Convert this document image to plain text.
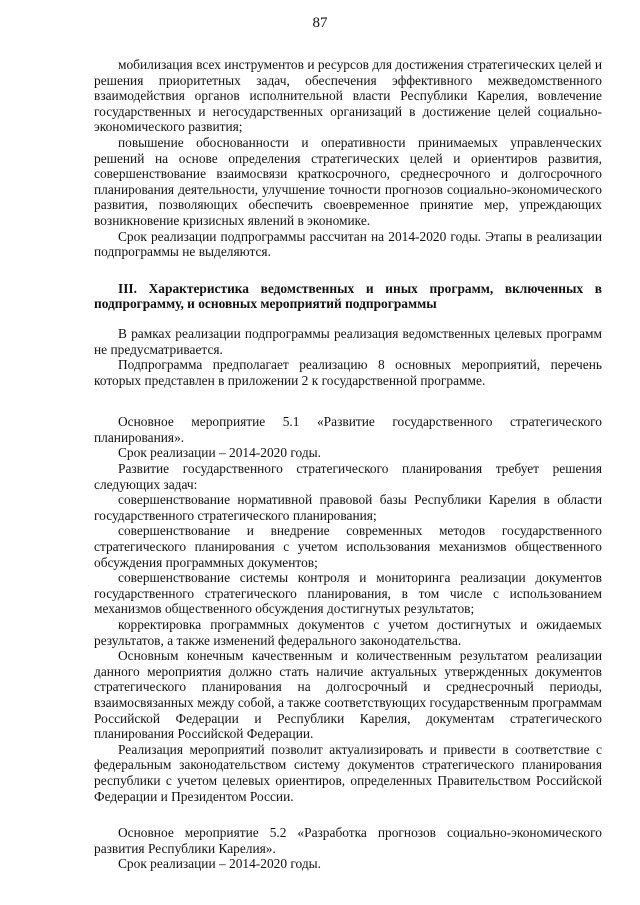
87

мобилизация всех инструментов и ресурсов для достижения стратегических целей и решения приоритетных задач, обеспечения эффективного межведомственного взаимодействия органов исполнительной власти Республики Карелия, вовлечение государственных и негосударственных организаций в достижение целей социально-экономического развития;

повышение обоснованности и оперативности принимаемых управленческих решений на основе определения стратегических целей и ориентиров развития, совершенствование взаимосвязи краткосрочного, среднесрочного и долгосрочного планирования деятельности, улучшение точности прогнозов социально-экономического развития, позволяющих обеспечить своевременное принятие мер, упреждающих возникновение кризисных явлений в экономике.

Срок реализации подпрограммы рассчитан на 2014-2020 годы. Этапы в реализации подпрограммы не выделяются.

III. Характеристика ведомственных и иных программ, включенных в подпрограмму, и основных мероприятий подпрограммы

В рамках реализации подпрограммы реализация ведомственных целевых программ не предусматривается.

Подпрограмма предполагает реализацию 8 основных мероприятий, перечень которых представлен в приложении 2 к государственной программе.

Основное мероприятие 5.1 «Развитие государственного стратегического планирования».

Срок реализации – 2014-2020 годы.

Развитие государственного стратегического планирования требует решения следующих задач:

совершенствование нормативной правовой базы Республики Карелия в области государственного стратегического планирования;

совершенствование и внедрение современных методов государственного стратегического планирования с учетом использования механизмов общественного обсуждения программных документов;

совершенствование системы контроля и мониторинга реализации документов государственного стратегического планирования, в том числе с использованием механизмов общественного обсуждения достигнутых результатов;

корректировка программных документов с учетом достигнутых и ожидаемых результатов, а также изменений федерального законодательства.

Основным конечным качественным и количественным результатом реализации данного мероприятия должно стать наличие актуальных утвержденных документов стратегического планирования на долгосрочный и среднесрочный периоды, взаимосвязанных между собой, а также соответствующих государственным программам Российской Федерации и Республики Карелия, документам стратегического планирования Российской Федерации.

Реализация мероприятий позволит актуализировать и привести в соответствие с федеральным законодательством систему документов стратегического планирования республики с учетом целевых ориентиров, определенных Правительством Российской Федерации и Президентом России.

Основное мероприятие 5.2 «Разработка прогнозов социально-экономического развития Республики Карелия».

Срок реализации – 2014-2020 годы.
